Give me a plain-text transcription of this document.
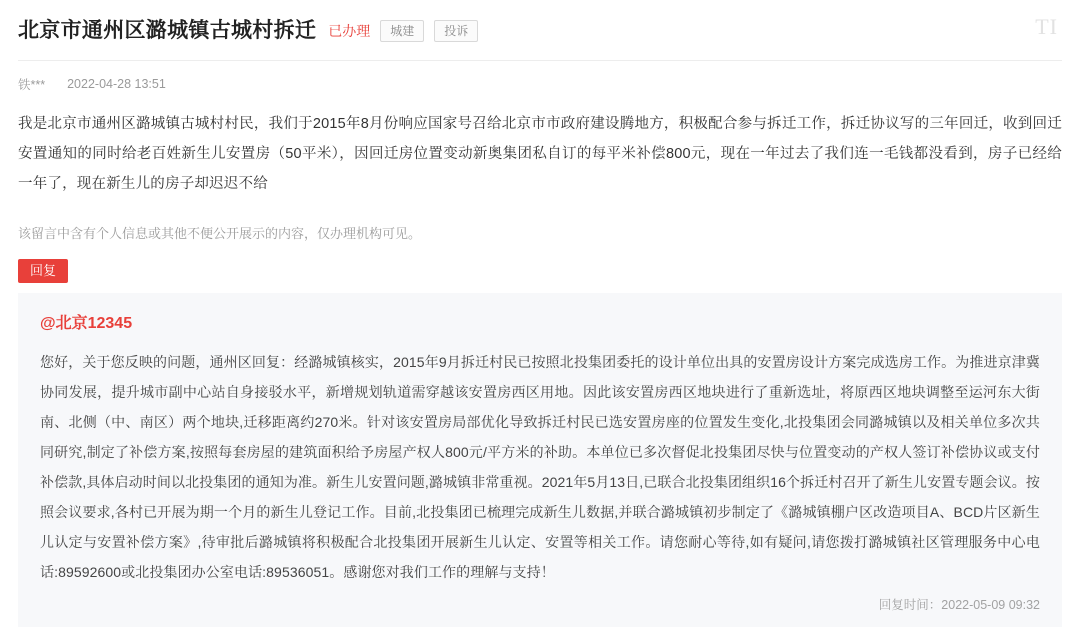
TI
北京市通州区潞城镇古城村拆迁 已办理	城建	投诉
铁*** 2022-04-28 13:51
我是北京市通州区潞城镇古城村村民，我们于2015年8月份响应国家号召给北京市市政府建设腾地方，积极配合参与拆迁工作，拆迁协议写的三年回迁，收到回迁安置通知的同时给老百姓新生儿安置房（50平米），因回迁房位置变动新奥集团私自订的每平米补偿800元，现在一年过去了我们连一毛钱都没看到，房子已经给一年了，现在新生儿的房子却迟迟不给
该留言中含有个人信息或其他不便公开展示的内容，仅办理机构可见。
回复
@北京12345
您好，关于您反映的问题，通州区回复：经潞城镇核实，2015年9月拆迁村民已按照北投集团委托的设计单位出具的安置房设计方案完成选房工作。为推进京津冀协同发展，提升城市副中心站自身接驳水平，新增规划轨道需穿越该安置房西区用地。因此该安置房西区地块进行了重新选址，将原西区地块调整至运河东大街南、北侧（中、南区）两个地块,迁移距离约270米。针对该安置房局部优化导致拆迁村民已选安置房座的位置发生变化,北投集团会同潞城镇以及相关单位多次共同研究,制定了补偿方案,按照每套房屋的建筑面积给予房屋产权人800元/平方米的补助。本单位已多次督促北投集团尽快与位置变动的产权人签订补偿协议或支付补偿款,具体启动时间以北投集团的通知为准。新生儿安置问题,潞城镇非常重视。2021年5月13日,已联合北投集团组织16个拆迁村召开了新生儿安置专题会议。按照会议要求,各村已开展为期一个月的新生儿登记工作。目前,北投集团已梳理完成新生儿数据,并联合潞城镇初步制定了《潞城镇棚户区改造项目A、BCD片区新生儿认定与安置补偿方案》,待审批后潞城镇将积极配合北投集团开展新生儿认定、安置等相关工作。请您耐心等待,如有疑问,请您拨打潞城镇社区管理服务中心电话:89592600或北投集团办公室电话:89536051。感谢您对我们工作的理解与支持！
回复时间：2022-05-09 09:32
